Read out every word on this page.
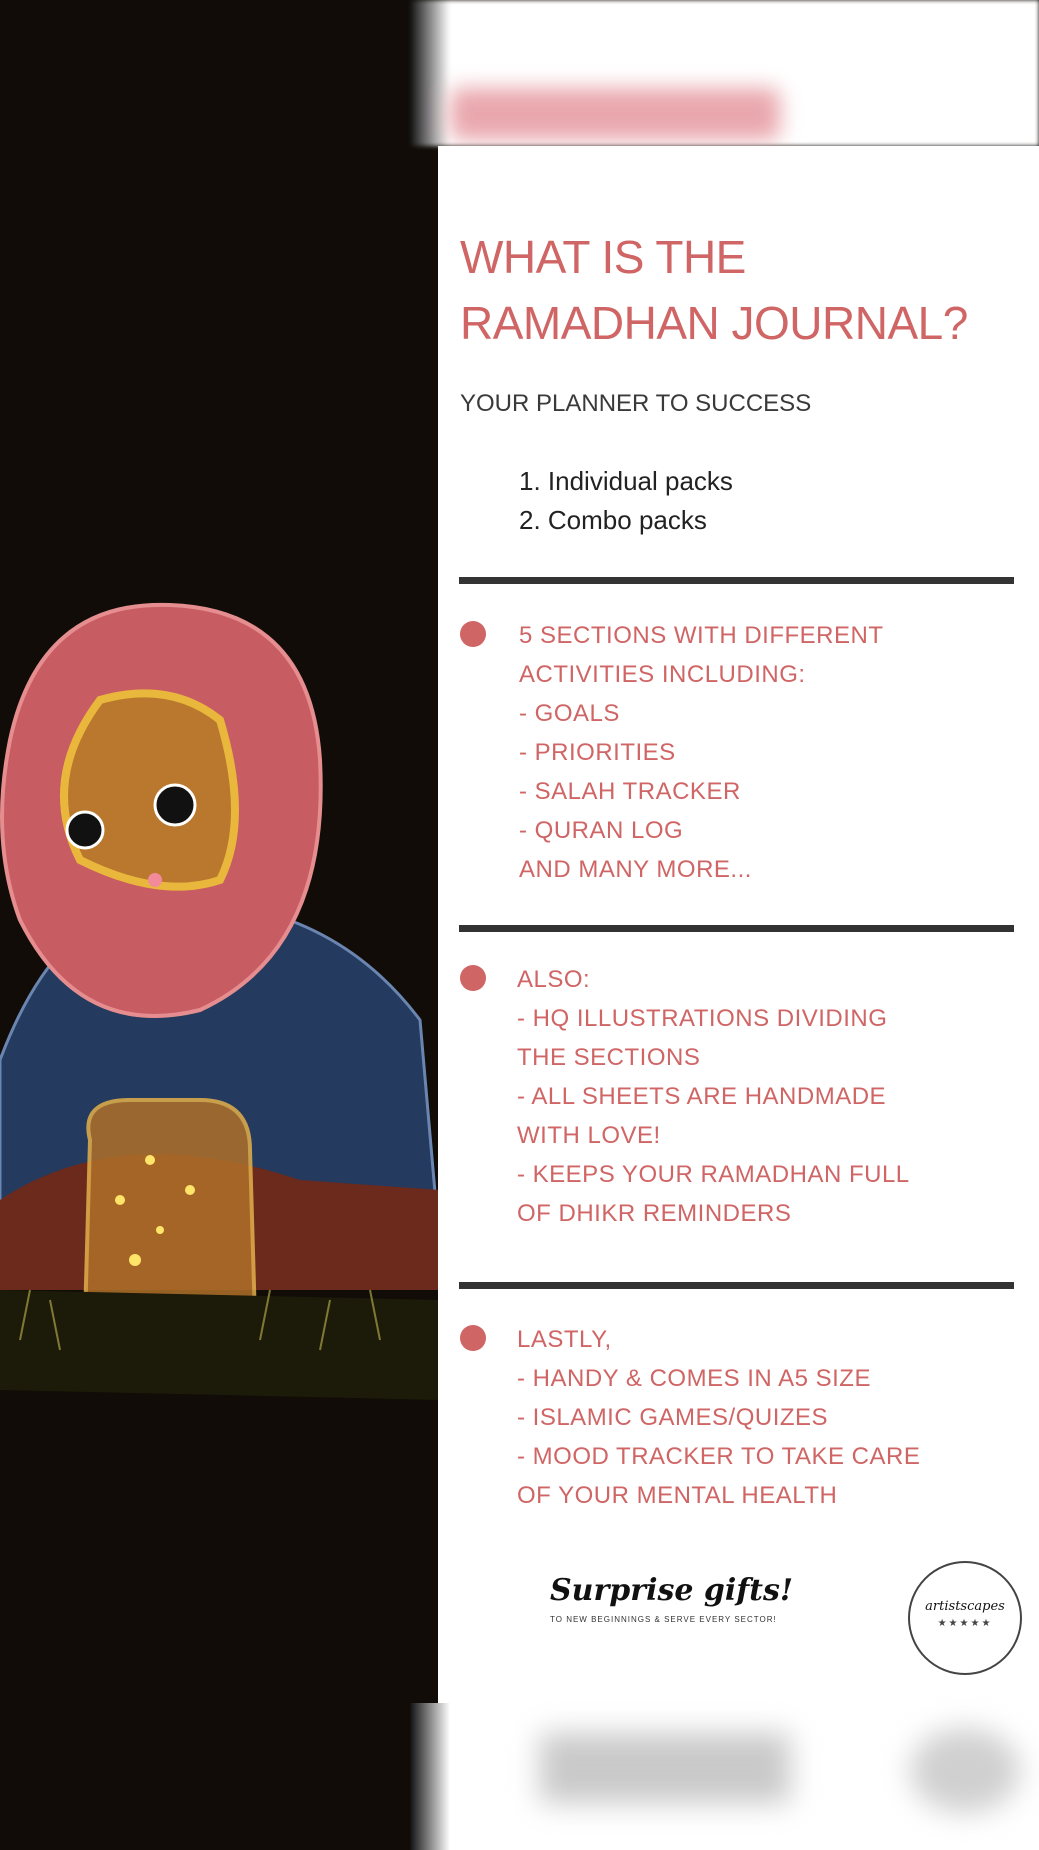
WHAT IS THE
RAMADHAN JOURNAL?
YOUR PLANNER TO SUCCESS
1. Individual packs
2. Combo packs
5 SECTIONS WITH DIFFERENT
ACTIVITIES INCLUDING:
- GOALS
- PRIORITIES
- SALAH TRACKER
- QURAN LOG
AND MANY MORE...
ALSO:
- HQ ILLUSTRATIONS DIVIDING
THE SECTIONS
- ALL SHEETS ARE HANDMADE
WITH LOVE!
- KEEPS YOUR RAMADHAN FULL
OF DHIKR REMINDERS
LASTLY,
- HANDY & COMES IN A5 SIZE
- ISLAMIC GAMES/QUIZES
- MOOD TRACKER TO TAKE CARE
OF YOUR MENTAL HEALTH
Surprise gifts!
TO NEW BEGINNINGS & SERVE EVERY SECTOR!
artistscapes
★★★★★
